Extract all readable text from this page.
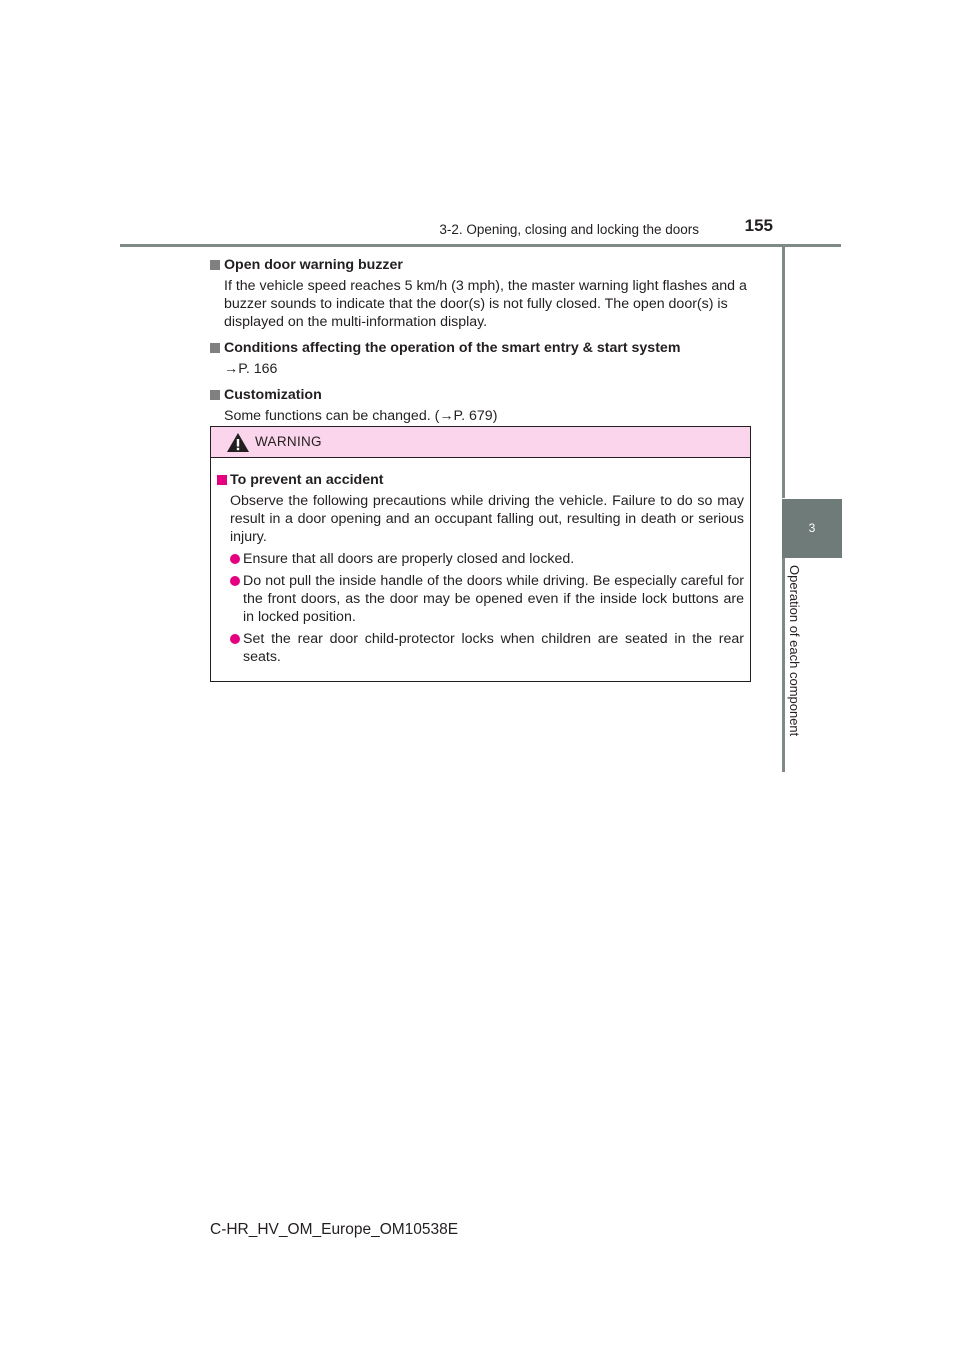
3-2. Opening, closing and locking the doors	155
3
Operation of each component
Open door warning buzzer
If the vehicle speed reaches 5 km/h (3 mph), the master warning light flashes and a buzzer sounds to indicate that the door(s) is not fully closed. The open door(s) is displayed on the multi-information display.
Conditions affecting the operation of the smart entry & start system
→P. 166
Customization
Some functions can be changed. (→P. 679)
WARNING
To prevent an accident
Observe the following precautions while driving the vehicle. Failure to do so may result in a door opening and an occupant falling out, resulting in death or serious injury.
Ensure that all doors are properly closed and locked.
Do not pull the inside handle of the doors while driving. Be especially careful for the front doors, as the door may be opened even if the inside lock buttons are in locked position.
Set the rear door child-protector locks when children are seated in the rear seats.
C-HR_HV_OM_Europe_OM10538E
